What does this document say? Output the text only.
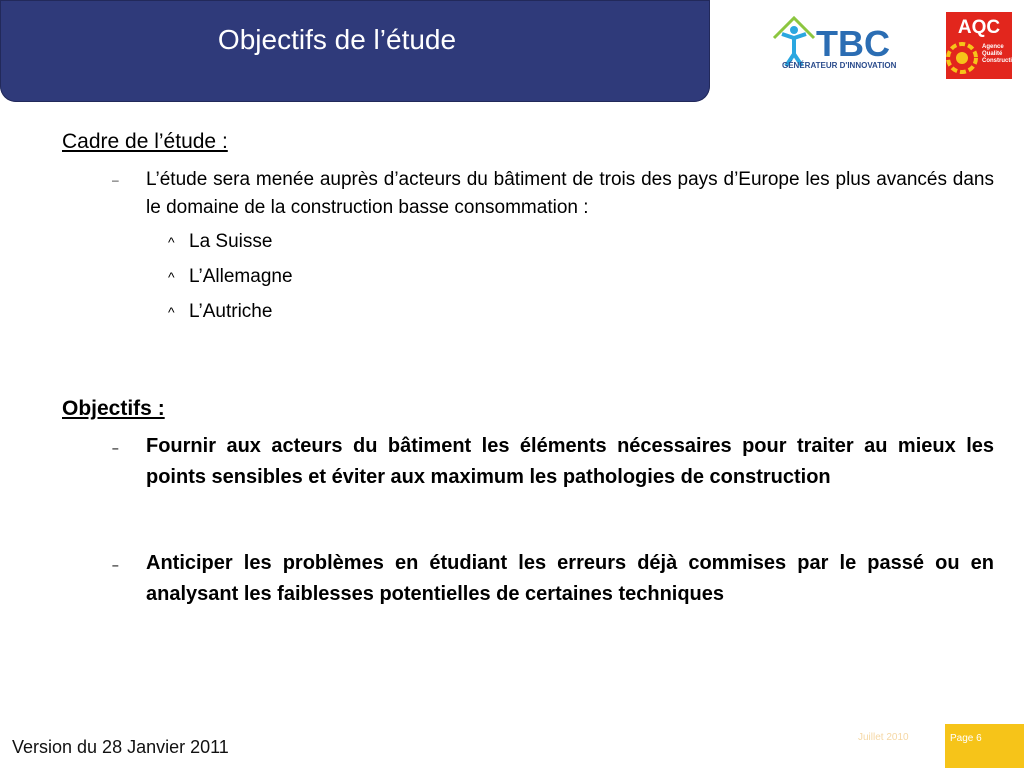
Objectifs de l’étude	TBC
GÉNÉRATEUR D'INNOVATION
AQC
Agence
Qualité
Construction

Cadre de l’étude :

– L’étude sera menée auprès d’acteurs du bâtiment de trois des pays d’Europe les plus avancés dans le domaine de la construction basse consommation :
^ La Suisse
^ L’Allemagne
^ L’Autriche

Objectifs :

– Fournir aux acteurs du bâtiment les éléments nécessaires pour traiter au mieux les points sensibles et éviter aux maximum les pathologies de construction
– Anticiper les problèmes en étudiant les erreurs déjà commises par le passé ou en analysant les faiblesses potentielles de certaines techniques
Version du 28 Janvier 2011	Juillet 2010	Page 6
